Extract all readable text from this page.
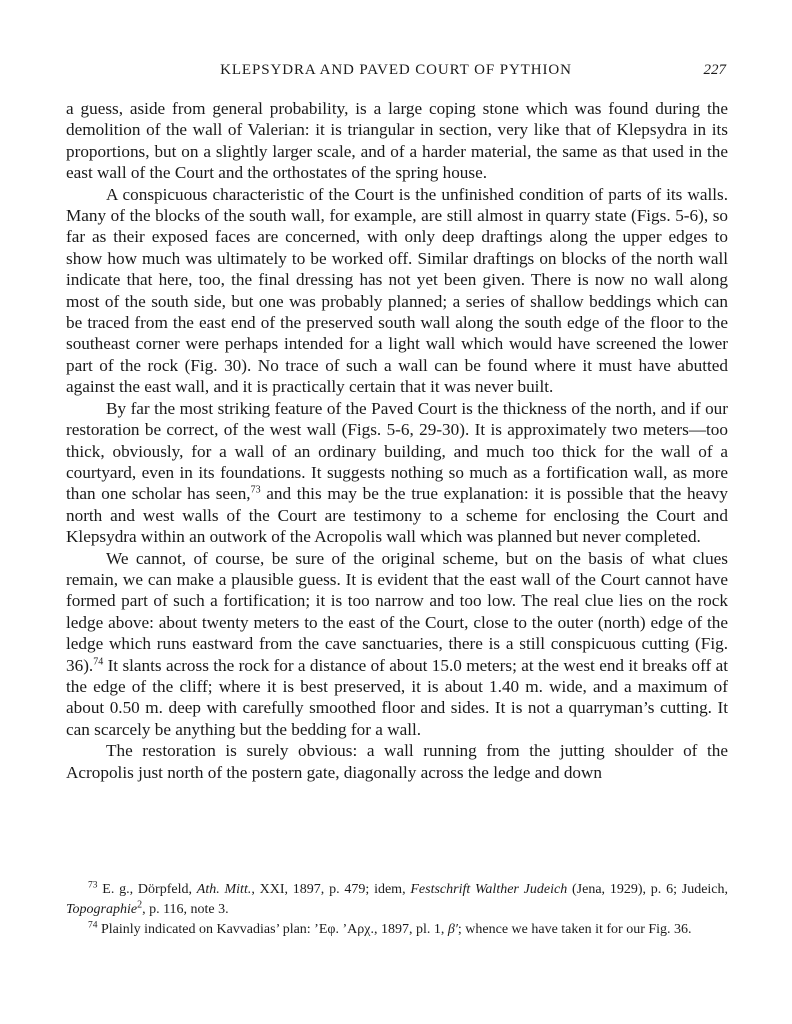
KLEPSYDRA AND PAVED COURT OF PYTHION	227

a guess, aside from general probability, is a large coping stone which was found during the demolition of the wall of Valerian: it is triangular in section, very like that of Klepsydra in its proportions, but on a slightly larger scale, and of a harder material, the same as that used in the east wall of the Court and the orthostates of the spring house.

A conspicuous characteristic of the Court is the unfinished condition of parts of its walls. Many of the blocks of the south wall, for example, are still almost in quarry state (Figs. 5-6), so far as their exposed faces are concerned, with only deep draftings along the upper edges to show how much was ultimately to be worked off. Similar draftings on blocks of the north wall indicate that here, too, the final dressing has not yet been given. There is now no wall along most of the south side, but one was probably planned; a series of shallow beddings which can be traced from the east end of the preserved south wall along the south edge of the floor to the southeast corner were perhaps intended for a light wall which would have screened the lower part of the rock (Fig. 30). No trace of such a wall can be found where it must have abutted against the east wall, and it is practically certain that it was never built.

By far the most striking feature of the Paved Court is the thickness of the north, and if our restoration be correct, of the west wall (Figs. 5-6, 29-30). It is approximately two meters—too thick, obviously, for a wall of an ordinary building, and much too thick for the wall of a courtyard, even in its foundations. It suggests nothing so much as a fortification wall, as more than one scholar has seen,$^{73}$ and this may be the true explanation: it is possible that the heavy north and west walls of the Court are testimony to a scheme for enclosing the Court and Klepsydra within an outwork of the Acropolis wall which was planned but never completed.

We cannot, of course, be sure of the original scheme, but on the basis of what clues remain, we can make a plausible guess. It is evident that the east wall of the Court cannot have formed part of such a fortification; it is too narrow and too low. The real clue lies on the rock ledge above: about twenty meters to the east of the Court, close to the outer (north) edge of the ledge which runs eastward from the cave sanctuaries, there is a still conspicuous cutting (Fig. 36).$^{74}$ It slants across the rock for a distance of about 15.0 meters; at the west end it breaks off at the edge of the cliff; where it is best preserved, it is about 1.40 m. wide, and a maximum of about 0.50 m. deep with carefully smoothed floor and sides. It is not a quarryman’s cutting. It can scarcely be anything but the bedding for a wall.

The restoration is surely obvious: a wall running from the jutting shoulder of the Acropolis just north of the postern gate, diagonally across the ledge and down

$^{73}$ E. g., Dörpfeld, Ath. Mitt., XXI, 1897, p. 479; idem, Festschrift Walther Judeich (Jena, 1929), p. 6; Judeich, Topographie$^2$, p. 116, note 3.

$^{74}$ Plainly indicated on Kavvadias’ plan: ’Eφ. ’Aρχ., 1897, pl. 1, β′; whence we have taken it for our Fig. 36.
